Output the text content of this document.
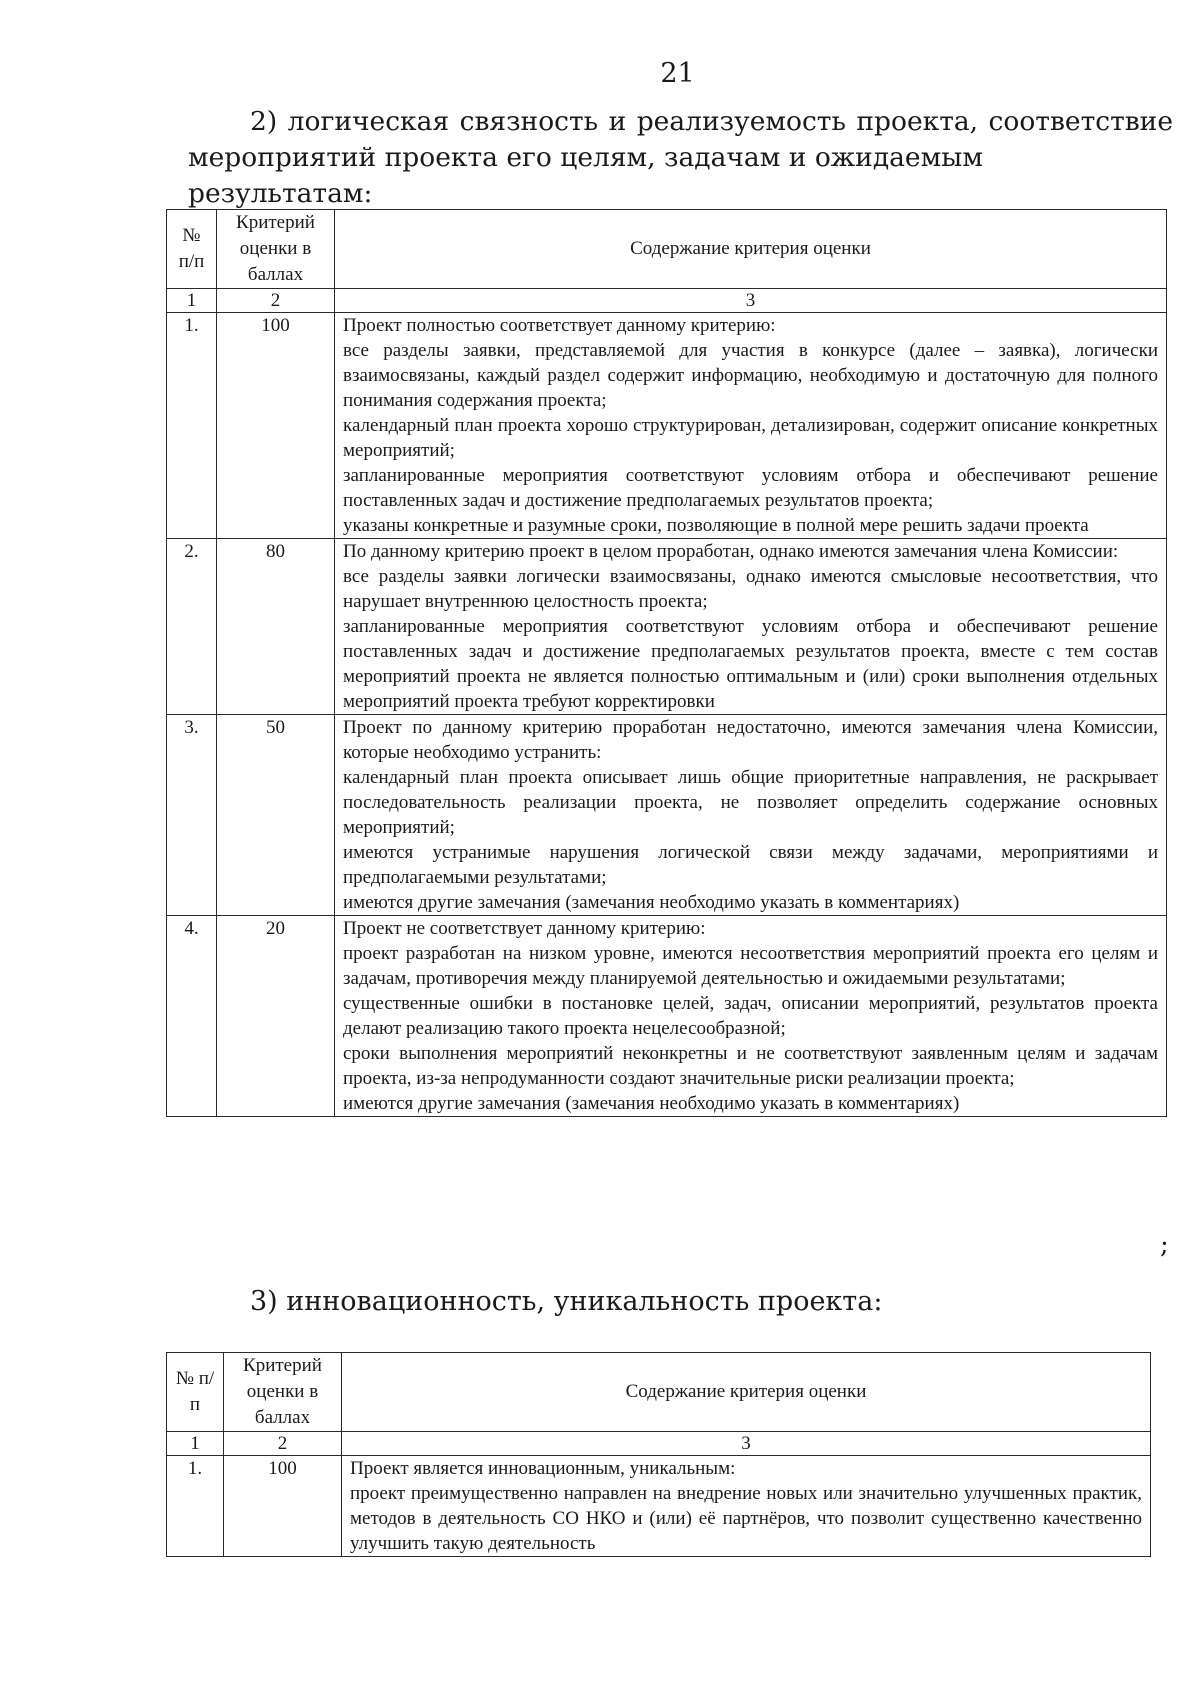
21
2) логическая связность и реализуемость проекта, соответствие
мероприятий проекта его целям, задачам и ожидаемым результатам:
№ п/п	Критерий оценки в баллах	Содержание критерия оценки
1	2	3
1.	100	Проект полностью соответствует данному критерию:

все разделы заявки, представляемой для участия в конкурсе (далее – заявка), логически взаимосвязаны, каждый раздел содержит информацию, необходимую и достаточную для полного понимания содержания проекта;

календарный план проекта хорошо структурирован, детализирован, содержит описание конкретных мероприятий;

запланированные мероприятия соответствуют условиям отбора и обеспечивают решение поставленных задач и достижение предполагаемых результатов проекта;

указаны конкретные и разумные сроки, позволяющие в полной мере решить задачи проекта

2.	80	По данному критерию проект в целом проработан, однако имеются замечания члена Комиссии:

все разделы заявки логически взаимосвязаны, однако имеются смысловые несоответствия, что нарушает внутреннюю целостность проекта;

запланированные мероприятия соответствуют условиям отбора и обеспечивают решение поставленных задач и достижение предполагаемых результатов проекта, вместе с тем состав мероприятий проекта не является полностью оптимальным и (или) сроки выполнения отдельных мероприятий проекта требуют корректировки

3.	50	Проект по данному критерию проработан недостаточно, имеются замечания члена Комиссии, которые необходимо устранить:

календарный план проекта описывает лишь общие приоритетные направления, не раскрывает последовательность реализации проекта, не позволяет определить содержание основных мероприятий;

имеются устранимые нарушения логической связи между задачами, мероприятиями и предполагаемыми результатами;

имеются другие замечания (замечания необходимо указать в комментариях)

4.	20	Проект не соответствует данному критерию:

проект разработан на низком уровне, имеются несоответствия мероприятий проекта его целям и задачам, противоречия между планируемой деятельностью и ожидаемыми результатами;

существенные ошибки в постановке целей, задач, описании мероприятий, результатов проекта делают реализацию такого проекта нецелесообразной;

сроки выполнения мероприятий неконкретны и не соответствуют заявленным целям и задачам проекта, из-за непродуманности создают значительные риски реализации проекта;

имеются другие замечания (замечания необходимо указать в комментариях)

;
3) инновационность, уникальность проекта:
№ п/п	Критерий оценки в баллах	Содержание критерия оценки
1	2	3
1.	100	Проект является инновационным, уникальным:

проект преимущественно направлен на внедрение новых или значительно улучшенных практик, методов в деятельность СО НКО и (или) её партнёров, что позволит существенно качественно улучшить такую деятельность
